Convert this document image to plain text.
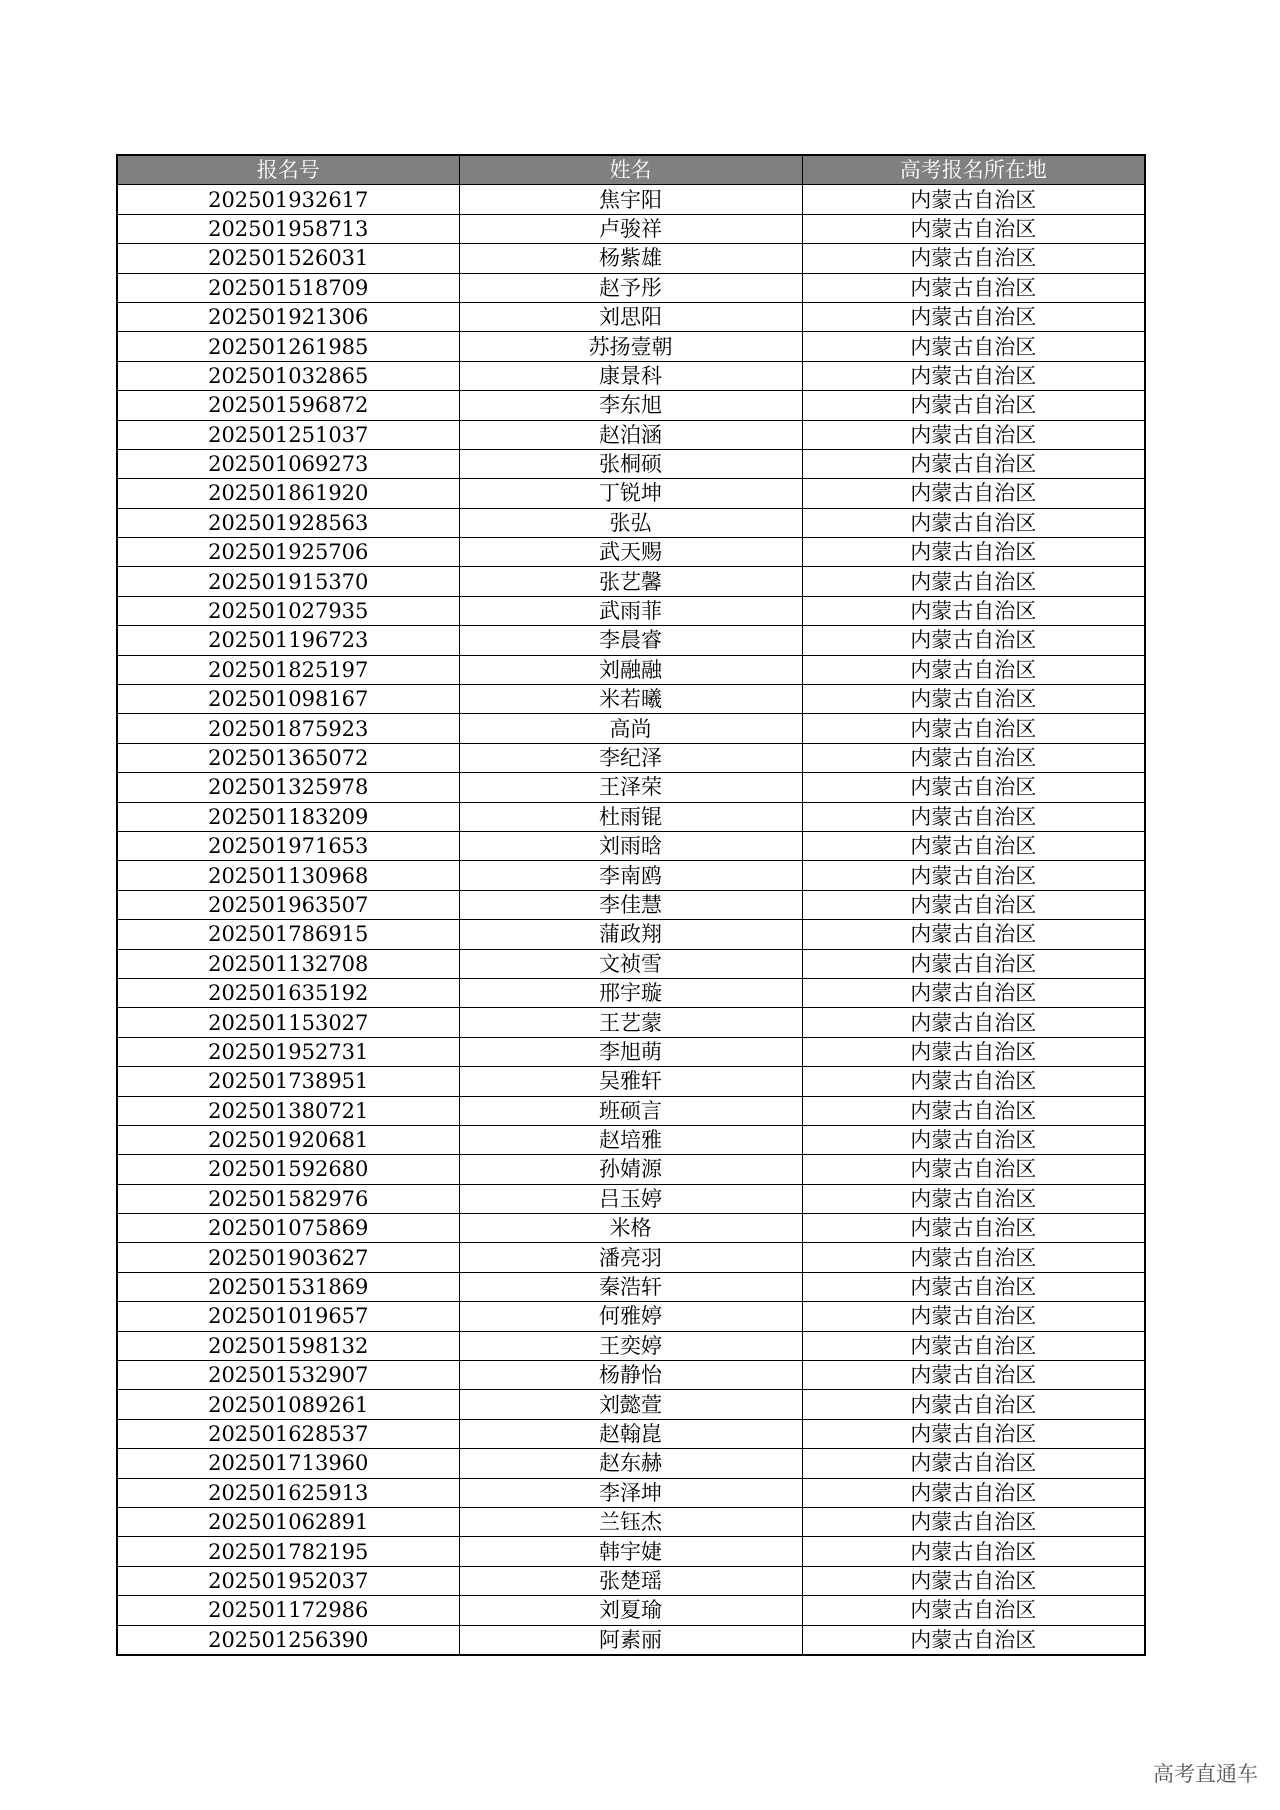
报名号	姓名	高考报名所在地
202501932617	焦宇阳	内蒙古自治区
202501958713	卢骏祥	内蒙古自治区
202501526031	杨紫雄	内蒙古自治区
202501518709	赵予彤	内蒙古自治区
202501921306	刘思阳	内蒙古自治区
202501261985	苏扬壹朝	内蒙古自治区
202501032865	康景科	内蒙古自治区
202501596872	李东旭	内蒙古自治区
202501251037	赵泊涵	内蒙古自治区
202501069273	张桐硕	内蒙古自治区
202501861920	丁锐坤	内蒙古自治区
202501928563	张弘	内蒙古自治区
202501925706	武天赐	内蒙古自治区
202501915370	张艺馨	内蒙古自治区
202501027935	武雨菲	内蒙古自治区
202501196723	李晨睿	内蒙古自治区
202501825197	刘融融	内蒙古自治区
202501098167	米若曦	内蒙古自治区
202501875923	高尚	内蒙古自治区
202501365072	李纪泽	内蒙古自治区
202501325978	王泽荣	内蒙古自治区
202501183209	杜雨锟	内蒙古自治区
202501971653	刘雨晗	内蒙古自治区
202501130968	李南鸥	内蒙古自治区
202501963507	李佳慧	内蒙古自治区
202501786915	蒲政翔	内蒙古自治区
202501132708	文祯雪	内蒙古自治区
202501635192	邢宇璇	内蒙古自治区
202501153027	王艺蒙	内蒙古自治区
202501952731	李旭萌	内蒙古自治区
202501738951	吴雅轩	内蒙古自治区
202501380721	班硕言	内蒙古自治区
202501920681	赵培雅	内蒙古自治区
202501592680	孙婧源	内蒙古自治区
202501582976	吕玉婷	内蒙古自治区
202501075869	米格	内蒙古自治区
202501903627	潘亮羽	内蒙古自治区
202501531869	秦浩轩	内蒙古自治区
202501019657	何雅婷	内蒙古自治区
202501598132	王奕婷	内蒙古自治区
202501532907	杨静怡	内蒙古自治区
202501089261	刘懿萱	内蒙古自治区
202501628537	赵翰崑	内蒙古自治区
202501713960	赵东赫	内蒙古自治区
202501625913	李泽坤	内蒙古自治区
202501062891	兰钰杰	内蒙古自治区
202501782195	韩宇婕	内蒙古自治区
202501952037	张楚瑶	内蒙古自治区
202501172986	刘夏瑜	内蒙古自治区
202501256390	阿素丽	内蒙古自治区
高考直通车
